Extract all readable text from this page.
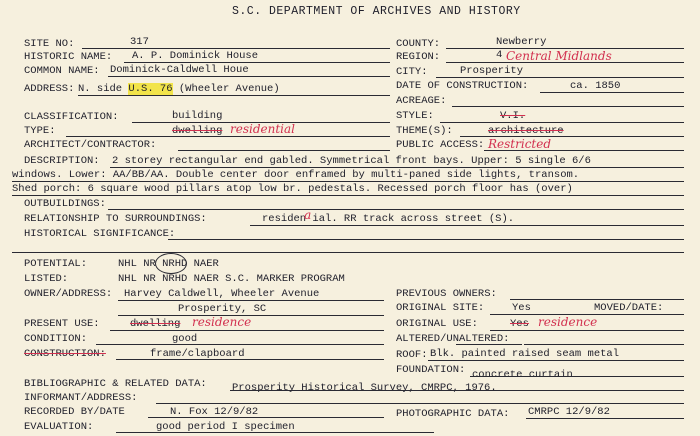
S.C. DEPARTMENT OF ARCHIVES AND HISTORY
SITE NO:	317
HISTORIC NAME: A. P. Dominick House
COMMON NAME: Dominick-Caldwell Houe
ADDRESS: N. side U.S. 76 (Wheeler Avenue)
CLASSIFICATION:	building
TYPE:	dwelling residential
ARCHITECT/CONTRACTOR:
DESCRIPTION: 2 storey rectangular end gabled. Symmetrical front bays. Upper: 5 single 6/6
windows. Lower: AA/BB/AA. Double center door enframed by multi-paned side lights, transom.
Shed porch: 6 square wood pillars atop low br. pedestals. Recessed porch floor has (over)
OUTBUILDINGS:
RELATIONSHIP TO SURROUNDINGS:	residen
a ial. RR track across street (S).
HISTORICAL SIGNIFICANCE:
COUNTY:	Newberry
REGION:	4 Central Midlands
CITY:	Prosperity
DATE OF CONSTRUCTION:	ca. 1850
ACREAGE:
STYLE:	V.I.
THEME(S):	architecture
PUBLIC ACCESS: Restricted
POTENTIAL:	NHL NR NRHD NAER
LISTED:	NHL NR NRHD NAER S.C. MARKER PROGRAM
OWNER/ADDRESS: Harvey Caldwell, Wheeler Avenue
Prosperity, SC
PRESENT USE:	dwelling residence
CONDITION:	good
CONSTRUCTION:	frame/clapboard
PREVIOUS OWNERS:
ORIGINAL SITE:	Yes	MOVED/DATE:
ORIGINAL USE:	Yes residence
ALTERED/UNALTERED:
ROOF: Blk. painted raised seam metal
FOUNDATION: concrete curtain
BIBLIOGRAPHIC & RELATED DATA: Prosperity Historical Survey, CMRPC, 1976.
INFORMANT/ADDRESS:
RECORDED BY/DATE	N. Fox 12/9/82	PHOTOGRAPHIC DATA: CMRPC 12/9/82
EVALUATION:	good period I specimen
